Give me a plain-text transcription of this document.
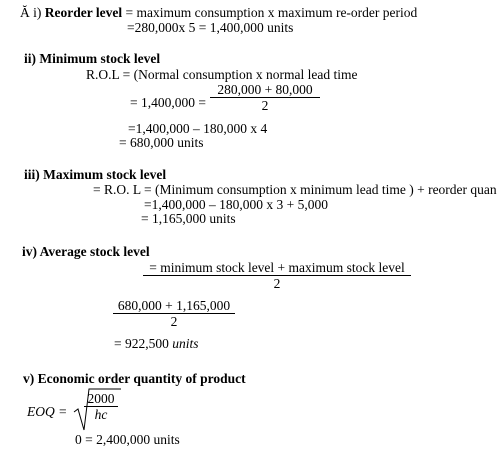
Ă i) Reorder level = maximum consumption x maximum re-order period
=280,000x 5 = 1,400,000 units
ii) Minimum stock level
R.O.L = (Normal consumption x normal lead time
= $1,400,000 = \frac{280,000 + 80,000}{2}$
=1,400,000 – 180,000 x 4
= 680,000 units
iii) Maximum stock level
= R.O. L = (Minimum consumption x minimum lead time ) + reorder quan
=1,400,000 – 180,000 x 3 + 5,000
= 1,165,000 units
iv) Average stock level
= minimum stock level + maximum stock level
2
$\frac{680,000 + 1,165,000}{2}$
= 922,500 units
v) Economic order quantity of product
EOQ = $\frac{2000}{hc}$
0 = 2,400,000 units
